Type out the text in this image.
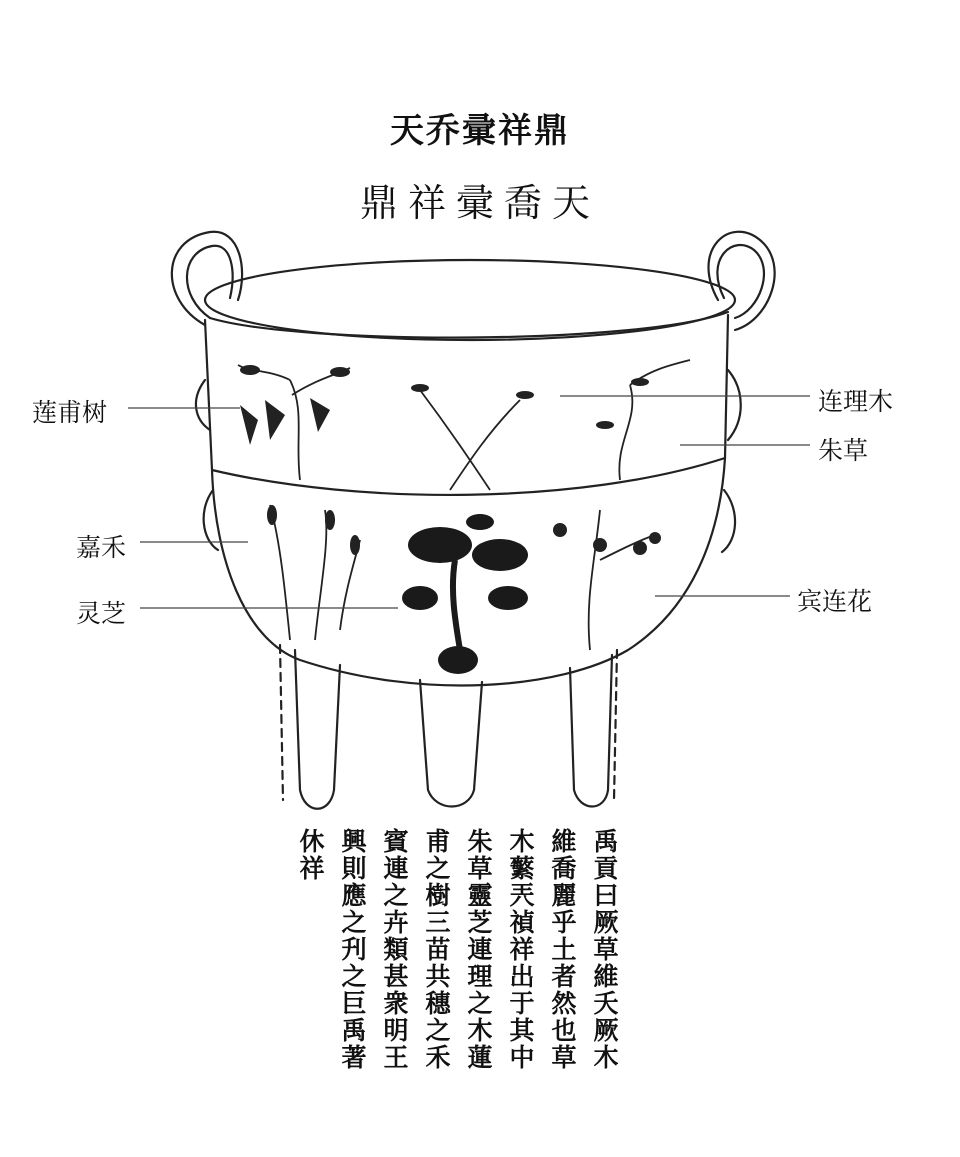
天乔彚祥鼎
鼎祥彚喬天
莲甫树
嘉禾
灵芝
连理木
朱草
宾连花
禹貢曰厥草維夭厥木
維喬麗乎土者然也草
木蘩兲禎祥出于其中
朱草靈芝連理之木蓮
甫之樹三苗共穗之禾
賓連之卉類甚衆明王
興則應之刋之巨禹著
休祥
